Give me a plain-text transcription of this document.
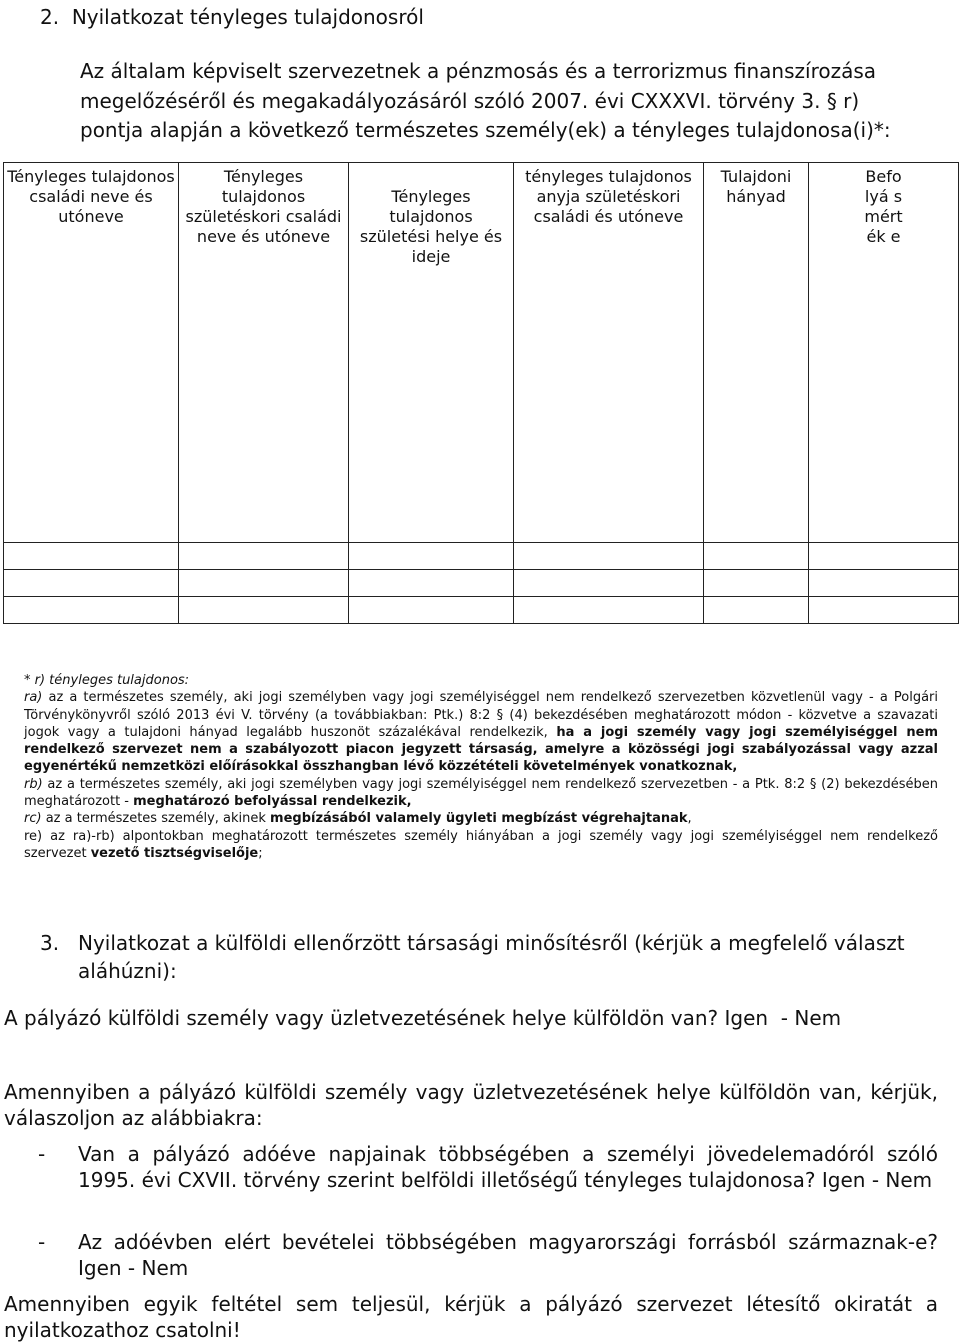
2. Nyilatkozat tényleges tulajdonosról

Az általam képviselt szervezetnek a pénzmosás és a terrorizmus finanszírozása

megelőzéséről és megakadályozásáról szóló 2007. évi CXXXVI. törvény 3. § r)

pontja alapján a következő természetes személy(ek) a tényleges tulajdonosa(i)*:

Tényleges tulajdonos családi neve és utóneve	Tényleges tulajdonos születéskori családi neve és utóneve	Tényleges tulajdonos születési helye és ideje	tényleges tulajdonos anyja születéskori családi és utóneve	Tulajdoni hányad	Befolyá s mérték e

* r) tényleges tulajdonos:

ra) az a természetes személy, aki jogi személyben vagy jogi személyiséggel nem rendelkező szervezetben közvetlenül vagy - a Polgári Törvénykönyvről szóló 2013 évi V. törvény (a továbbiakban: Ptk.) 8:2 § (4) bekezdésében meghatározott módon - közvetve a szavazati jogok vagy a tulajdoni hányad legalább huszonöt százalékával rendelkezik, ha a jogi személy vagy jogi személyiséggel nem rendelkező szervezet nem a szabályozott piacon jegyzett társaság, amelyre a közösségi jogi szabályozással vagy azzal egyenértékű nemzetközi előírásokkal összhangban lévő közzétételi követelmények vonatkoznak,

rb) az a természetes személy, aki jogi személyben vagy jogi személyiséggel nem rendelkező szervezetben - a Ptk. 8:2 § (2) bekezdésében meghatározott - meghatározó befolyással rendelkezik,

rc) az a természetes személy, akinek megbízásából valamely ügyleti megbízást végrehajtanak,

re) az ra)-rb) alpontokban meghatározott természetes személy hiányában a jogi személy vagy jogi személyiséggel nem rendelkező szervezet vezető tisztségviselője;

3. Nyilatkozat a külföldi ellenőrzött társasági minősítésről (kérjük a megfelelő választ
aláhúzni):

A pályázó külföldi személy vagy üzletvezetésének helye külföldön van? Igen  - Nem

Amennyiben a pályázó külföldi személy vagy üzletvezetésének helye külföldön van, kérjük, válaszoljon az alábbiakra:

- Van a pályázó adóéve napjainak többségében a személyi jövedelemadóról szóló 1995. évi CXVII. törvény szerint belföldi illetőségű tényleges tulajdonosa? Igen - Nem

- Az adóévben elért bevételei többségében magyarországi forrásból származnak-e? Igen - Nem

Amennyiben egyik feltétel sem teljesül, kérjük a pályázó szervezet létesítő okiratát a nyilatkozathoz csatolni!
